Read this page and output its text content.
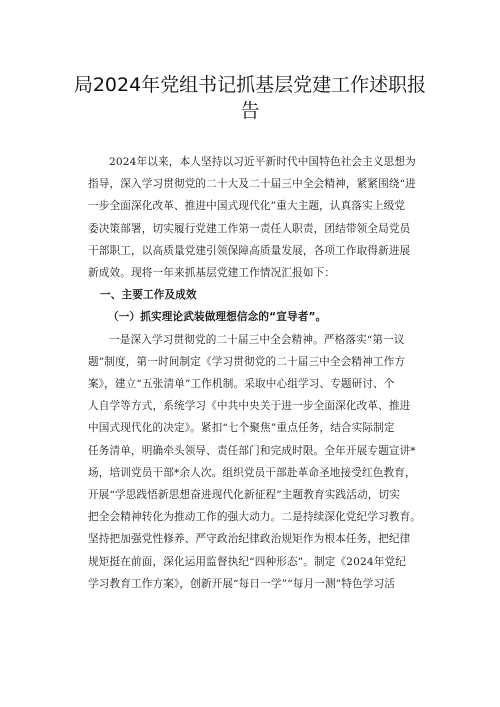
局2024年党组书记抓基层党建工作述职报
告

2024年以来，本人坚持以习近平新时代中国特色社会主义思想为
指导，深入学习贯彻党的二十大及二十届三中全会精神，紧紧围绕“进
一步全面深化改革、推进中国式现代化”重大主题，认真落实上级党
委决策部署，切实履行党建工作第一责任人职责，团结带领全局党员
干部职工，以高质量党建引领保障高质量发展，各项工作取得新进展
新成效。现将一年来抓基层党建工作情况汇报如下：

一、主要工作及成效
（一）抓实理论武装做理想信念的“宣导者”。

一是深入学习贯彻党的二十届三中全会精神。严格落实“第一议
题”制度，第一时间制定《学习贯彻党的二十届三中全会精神工作方
案》，建立“五张清单”工作机制。采取中心组学习、专题研讨、个
人自学等方式，系统学习《中共中央关于进一步全面深化改革、推进
中国式现代化的决定》。紧扣“七个聚焦”重点任务，结合实际制定
任务清单，明确牵头领导、责任部门和完成时限。全年开展专题宣讲*
场，培训党员干部*余人次。组织党员干部赴革命圣地接受红色教育，
开展“学思践悟新思想奋进现代化新征程”主题教育实践活动，切实
把全会精神转化为推动工作的强大动力。二是持续深化党纪学习教育。
坚持把加强党性修养、严守政治纪律政治规矩作为根本任务，把纪律
规矩挺在前面，深化运用监督执纪“四种形态”。制定《2024年党纪
学习教育工作方案》，创新开展“每日一学”“每月一测”特色学习活
